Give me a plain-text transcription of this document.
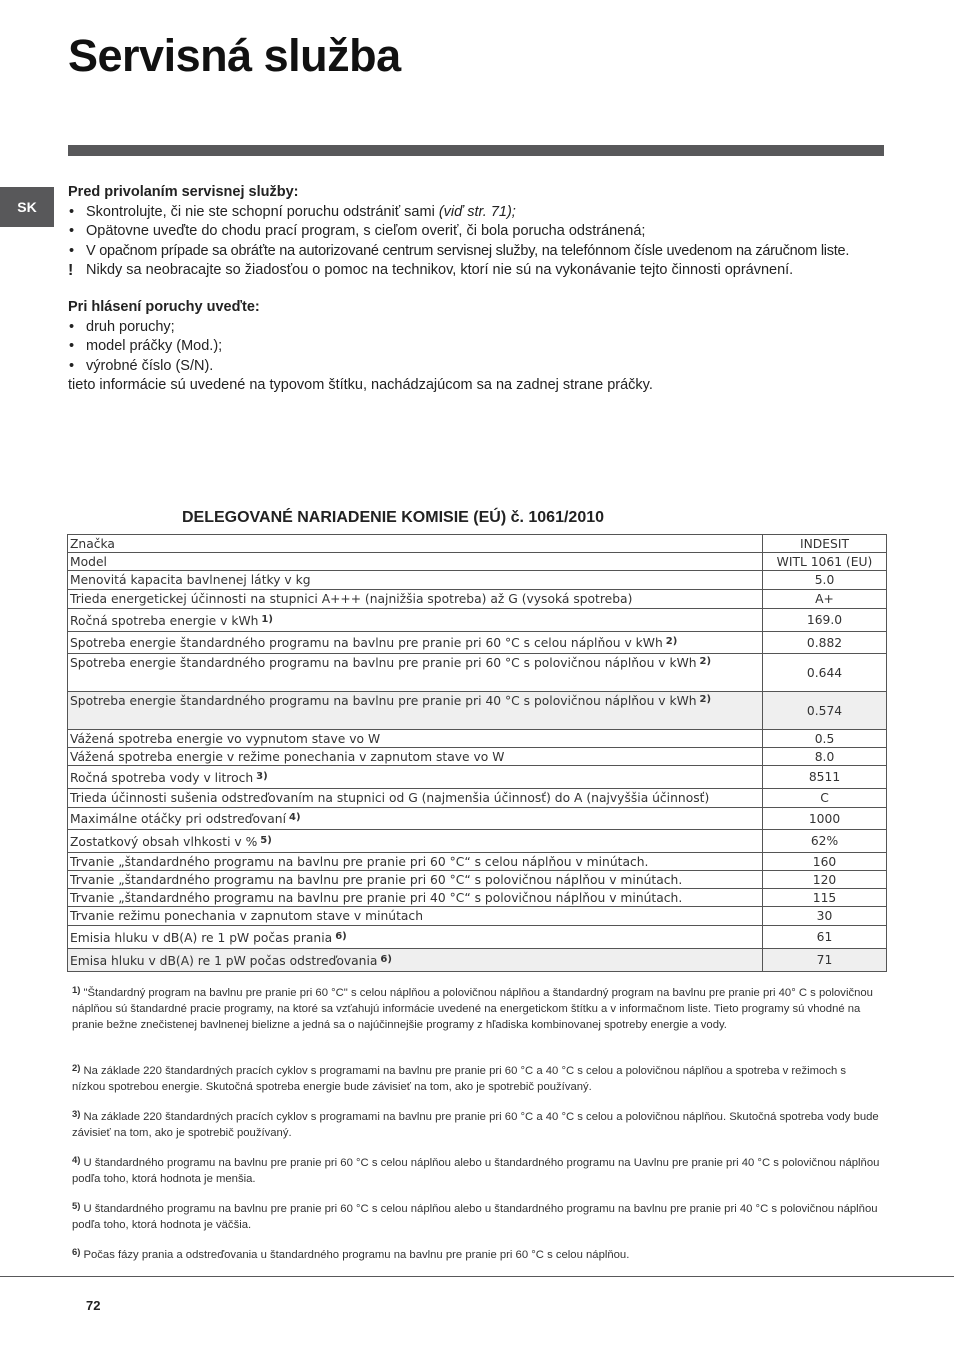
Servisná služba
SK

Pred privolaním servisnej služby:

• Skontrolujte, či nie ste schopní poruchu odstrániť sami (viď str. 71);
• Opätovne uveďte do chodu prací program, s cieľom overiť, či bola porucha odstránená;
• V opačnom prípade sa obráťte na autorizované centrum servisnej služby, na telefónnom čísle uvedenom na záručnom liste.
! Nikdy sa neobracajte so žiadosťou o pomoc na technikov, ktorí nie sú na vykonávanie tejto činnosti oprávnení.

Pri hlásení poruchy uveďte:

• druh poruchy;
• model práčky (Mod.);
• výrobné číslo (S/N).

tieto informácie sú uvedené na typovom štítku, nachádzajúcom sa na zadnej strane práčky.

DELEGOVANÉ NARIADENIE KOMISIE (EÚ) č. 1061/2010
Značka	INDESIT
Model	WITL 1061 (EU)
Menovitá kapacita bavlnenej látky v kg	5.0
Trieda energetickej účinnosti na stupnici A+++ (najnižšia spotreba) až G (vysoká spotreba)	A+
Ročná spotreba energie v kWh $^{1)}$	169.0
Spotreba energie štandardného programu na bavlnu pre pranie pri 60 °C s celou náplňou v kWh $^{2)}$	0.882
Spotreba energie štandardného programu na bavlnu pre pranie pri 60 °C s polovičnou náplňou v kWh $^{2)}$	0.644
Spotreba energie štandardného programu na bavlnu pre pranie pri 40 °C s polovičnou náplňou v kWh $^{2)}$	0.574
Vážená spotreba energie vo vypnutom stave vo W	0.5
Vážená spotreba energie v režime ponechania v zapnutom stave vo W	8.0
Ročná spotreba vody v litroch $^{3)}$	8511
Trieda účinnosti sušenia odstreďovaním na stupnici od G (najmenšia účinnosť) do A (najvyššia účinnosť)	C
Maximálne otáčky pri odstreďovaní $^{4)}$	1000
Zostatkový obsah vlhkosti v % $^{5)}$	62%
Trvanie „štandardného programu na bavlnu pre pranie pri 60 °C“ s celou náplňou v minútach.	160
Trvanie „štandardného programu na bavlnu pre pranie pri 60 °C“ s polovičnou náplňou v minútach.	120
Trvanie „štandardného programu na bavlnu pre pranie pri 40 °C“ s polovičnou náplňou v minútach.	115
Trvanie režimu ponechania v zapnutom stave v minútach	30
Emisia hluku v dB(A) re 1 pW počas prania $^{6)}$	61
Emisa hluku v dB(A) re 1 pW počas odstreďovania $^{6)}$	71
$^{1)}$ "Štandardný program na bavlnu pre pranie pri 60 °C" s celou náplňou a polovičnou náplňou a štandardný program na bavlnu pre pranie pri 40° C s polovičnou náplňou sú štandardné pracie programy, na ktoré sa vzťahujú informácie uvedené na energetickom štítku a v informačnom liste. Tieto programy sú vhodné na pranie bežne znečistenej bavlnenej bielizne a jedná sa o najúčinnejšie programy z hľadiska kombinovanej spotreby energie a vody.
$^{2)}$ Na základe 220 štandardných pracích cyklov s programami na bavlnu pre pranie pri 60 °C a 40 °C s celou a polovičnou náplňou a spotreba v režimoch s nízkou spotrebou energie. Skutočná spotreba energie bude závisieť na tom, ako je spotrebič používaný.
$^{3)}$ Na základe 220 štandardných pracích cyklov s programami na bavlnu pre pranie pri 60 °C a 40 °C s celou a polovičnou náplňou. Skutočná spotreba vody bude závisieť na tom, ako je spotrebič používaný.
$^{4)}$ U štandardného programu na bavlnu pre pranie pri 60 °C s celou náplňou alebo u štandardného programu na Uavlnu pre pranie pri 40 °C s polovičnou náplňou podľa toho, ktorá hodnota je menšia.
$^{5)}$ U štandardného programu na bavlnu pre pranie pri 60 °C s celou náplňou alebo u štandardného programu na bavlnu pre pranie pri 40 °C s polovičnou náplňou podľa toho, ktorá hodnota je väčšia.
$^{6)}$ Počas fázy prania a odstreďovania u štandardného programu na bavlnu pre pranie pri 60 °C s celou náplňou.
72
